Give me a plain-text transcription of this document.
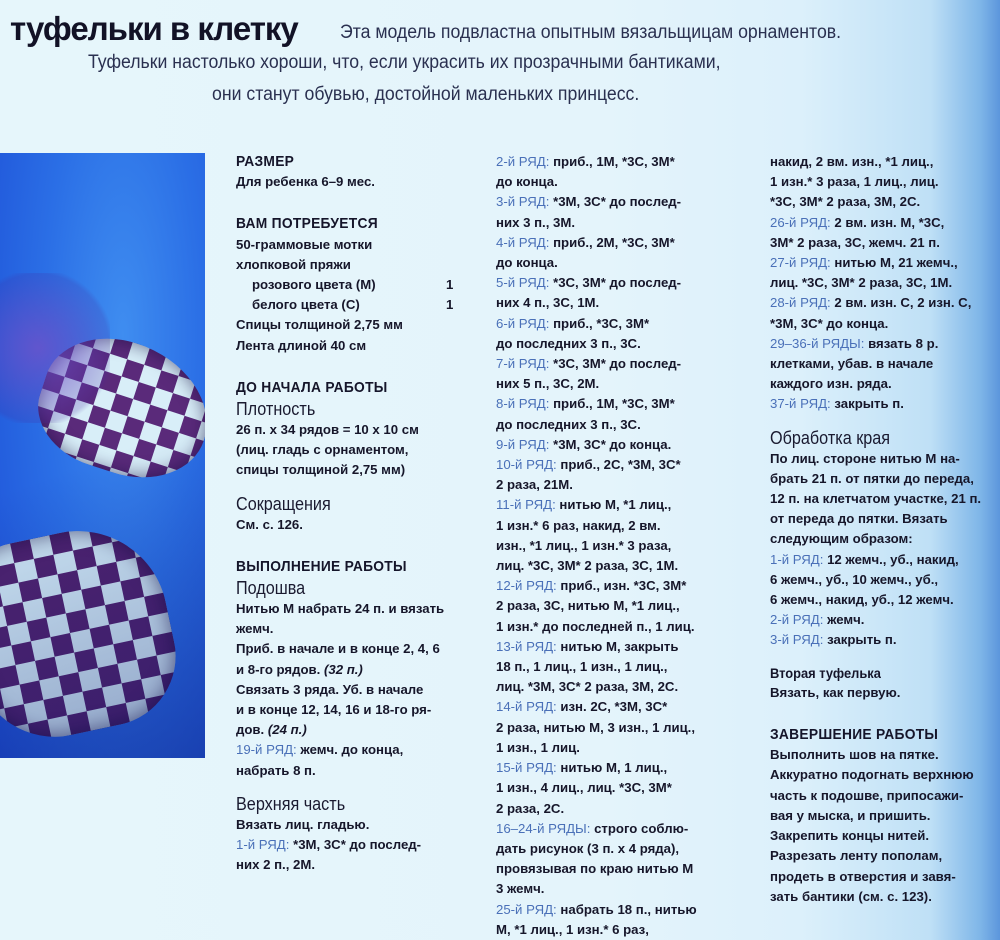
туфельки в клетку Эта модель подвластна опытным вязальщицам орнаментов.
Туфельки настолько хороши, что, если украсить их прозрачными бантиками,
они станут обувью, достойной маленьких принцесс.
РАЗМЕР
Для ребенка 6–9 мес.
ВАМ ПОТРЕБУЕТСЯ
50-граммовые мотки
хлопковой пряжи
розового цвета (М)	1
белого цвета (С)	1
Спицы толщиной 2,75 мм
Лента длиной 40 см
ДО НАЧАЛА РАБОТЫ
Плотность
26 п. х 34 рядов = 10 х 10 см
(лиц. гладь с орнаментом,
спицы толщиной 2,75 мм)
Сокращения
См. с. 126.
ВЫПОЛНЕНИЕ РАБОТЫ
Подошва
Нитью М набрать 24 п. и вязать
жемч.
Приб. в начале и в конце 2, 4, 6
и 8-го рядов. (32 п.)
Связать 3 ряда. Уб. в начале
и в конце 12, 14, 16 и 18-го ря-
дов. (24 п.)
19-й РЯД: жемч. до конца,
набрать 8 п.
Верхняя часть
Вязать лиц. гладью.
1-й РЯД: *3М, 3С* до послед-
них 2 п., 2М.
2-й РЯД: приб., 1М, *3С, 3М*
до конца.
3-й РЯД: *3М, 3С* до послед-
них 3 п., 3М.
4-й РЯД: приб., 2М, *3С, 3М*
до конца.
5-й РЯД: *3С, 3М* до послед-
них 4 п., 3С, 1М.
6-й РЯД: приб., *3С, 3М*
до последних 3 п., 3С.
7-й РЯД: *3С, 3М* до послед-
них 5 п., 3С, 2М.
8-й РЯД: приб., 1М, *3С, 3М*
до последних 3 п., 3С.
9-й РЯД: *3М, 3С* до конца.
10-й РЯД: приб., 2С, *3М, 3С*
2 раза, 21М.
11-й РЯД: нитью М, *1 лиц.,
1 изн.* 6 раз, накид, 2 вм.
изн., *1 лиц., 1 изн.* 3 раза,
лиц. *3С, 3М* 2 раза, 3С, 1М.
12-й РЯД: приб., изн. *3С, 3М*
2 раза, 3С, нитью М, *1 лиц.,
1 изн.* до последней п., 1 лиц.
13-й РЯД: нитью М, закрыть
18 п., 1 лиц., 1 изн., 1 лиц.,
лиц. *3М, 3С* 2 раза, 3М, 2С.
14-й РЯД: изн. 2С, *3М, 3С*
2 раза, нитью М, 3 изн., 1 лиц.,
1 изн., 1 лиц.
15-й РЯД: нитью М, 1 лиц.,
1 изн., 4 лиц., лиц. *3С, 3М*
2 раза, 2С.
16–24-й РЯДЫ: строго соблю-
дать рисунок (3 п. х 4 ряда),
провязывая по краю нитью М
3 жемч.
25-й РЯД: набрать 18 п., нитью
М, *1 лиц., 1 изн.* 6 раз,
накид, 2 вм. изн., *1 лиц.,
1 изн.* 3 раза, 1 лиц., лиц.
*3С, 3М* 2 раза, 3М, 2С.
26-й РЯД: 2 вм. изн. М, *3С,
3М* 2 раза, 3С, жемч. 21 п.
27-й РЯД: нитью М, 21 жемч.,
лиц. *3С, 3М* 2 раза, 3С, 1М.
28-й РЯД: 2 вм. изн. С, 2 изн. С,
*3М, 3С* до конца.
29–36-й РЯДЫ: вязать 8 р.
клетками, убав. в начале
каждого изн. ряда.
37-й РЯД: закрыть п.
Обработка края
По лиц. стороне нитью М на-
брать 21 п. от пятки до переда,
12 п. на клетчатом участке, 21 п.
от переда до пятки. Вязать
следующим образом:
1-й РЯД: 12 жемч., уб., накид,
6 жемч., уб., 10 жемч., уб.,
6 жемч., накид, уб., 12 жемч.
2-й РЯД: жемч.
3-й РЯД: закрыть п.
Вторая туфелька
Вязать, как первую.
ЗАВЕРШЕНИЕ РАБОТЫ
Выполнить шов на пятке.
Аккуратно подогнать верхнюю
часть к подошве, припосажи-
вая у мыска, и пришить.
Закрепить концы нитей.
Разрезать ленту пополам,
продеть в отверстия и завя-
зать бантики (см. с. 123).
